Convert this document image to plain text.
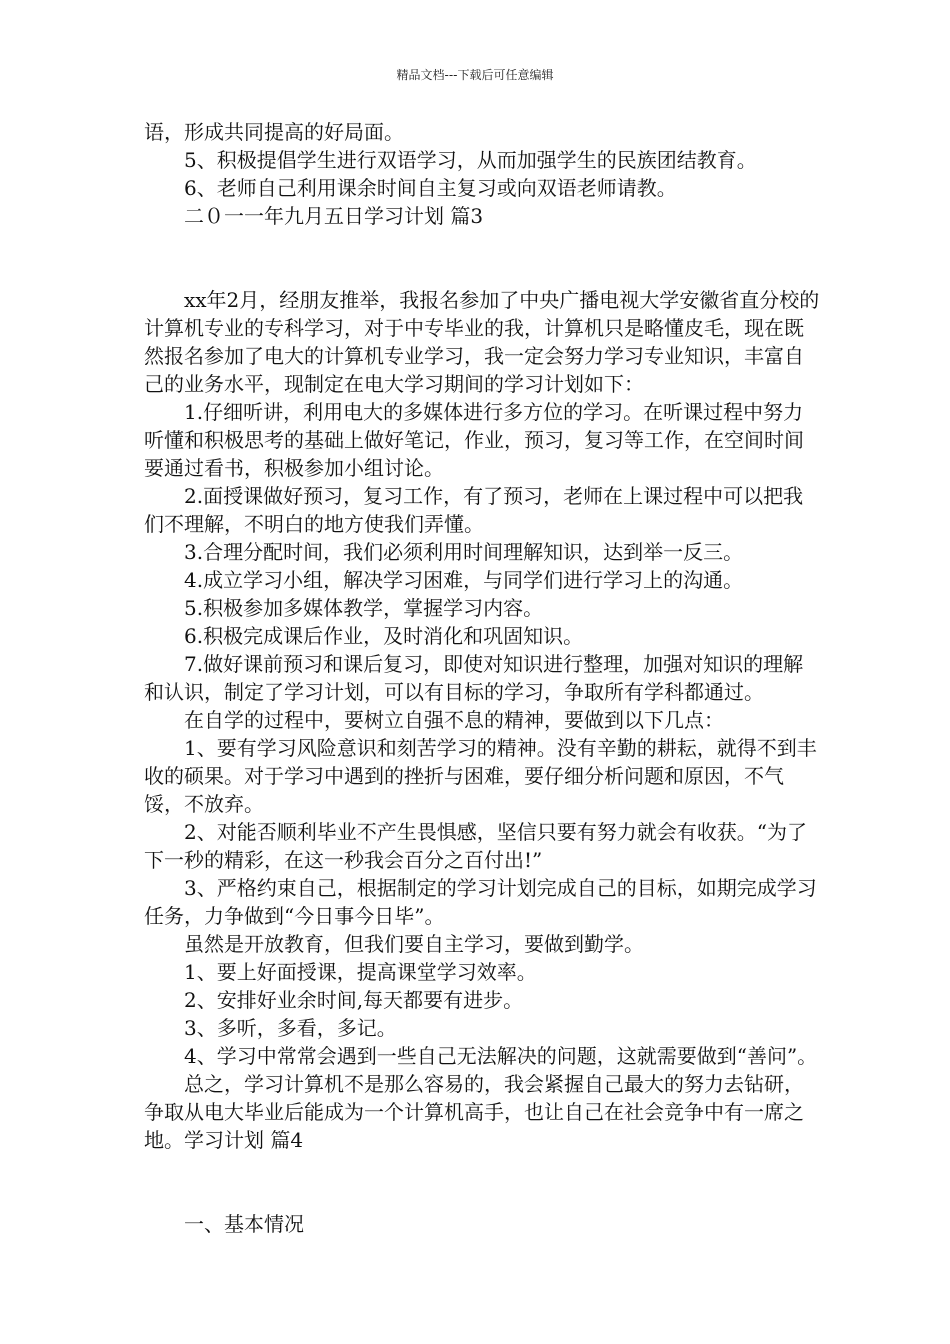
精品文档---下载后可任意编辑

语，形成共同提高的好局面。

5、积极提倡学生进行双语学习，从而加强学生的民族团结教育。

6、老师自己利用课余时间自主复习或向双语老师请教。

二０一一年九月五日学习计划 篇3

xx年2月，经朋友推举，我报名参加了中央广播电视大学安徽省直分校的计算机专业的专科学习，对于中专毕业的我，计算机只是略懂皮毛，现在既然报名参加了电大的计算机专业学习，我一定会努力学习专业知识，丰富自己的业务水平，现制定在电大学习期间的学习计划如下：

1.仔细听讲，利用电大的多媒体进行多方位的学习。在听课过程中努力听懂和积极思考的基础上做好笔记，作业，预习，复习等工作，在空间时间要通过看书，积极参加小组讨论。

2.面授课做好预习，复习工作，有了预习，老师在上课过程中可以把我们不理解，不明白的地方使我们弄懂。

3.合理分配时间，我们必须利用时间理解知识，达到举一反三。

4.成立学习小组，解决学习困难，与同学们进行学习上的沟通。

5.积极参加多媒体教学，掌握学习内容。

6.积极完成课后作业，及时消化和巩固知识。

7.做好课前预习和课后复习，即使对知识进行整理，加强对知识的理解和认识，制定了学习计划，可以有目标的学习，争取所有学科都通过。

在自学的过程中，要树立自强不息的精神，要做到以下几点：

1、要有学习风险意识和刻苦学习的精神。没有辛勤的耕耘，就得不到丰收的硕果。对于学习中遇到的挫折与困难，要仔细分析问题和原因，不气馁，不放弃。

2、对能否顺利毕业不产生畏惧感，坚信只要有努力就会有收获。“为了下一秒的精彩，在这一秒我会百分之百付出!”

3、严格约束自己，根据制定的学习计划完成自己的目标，如期完成学习任务，力争做到“今日事今日毕”。

虽然是开放教育，但我们要自主学习，要做到勤学。

1、要上好面授课，提高课堂学习效率。

2、安排好业余时间,每天都要有进步。

3、多听，多看，多记。

4、学习中常常会遇到一些自己无法解决的问题，这就需要做到“善问”。

总之，学习计算机不是那么容易的，我会紧握自己最大的努力去钻研，争取从电大毕业后能成为一个计算机高手，也让自己在社会竞争中有一席之地。学习计划 篇4

一、基本情况
